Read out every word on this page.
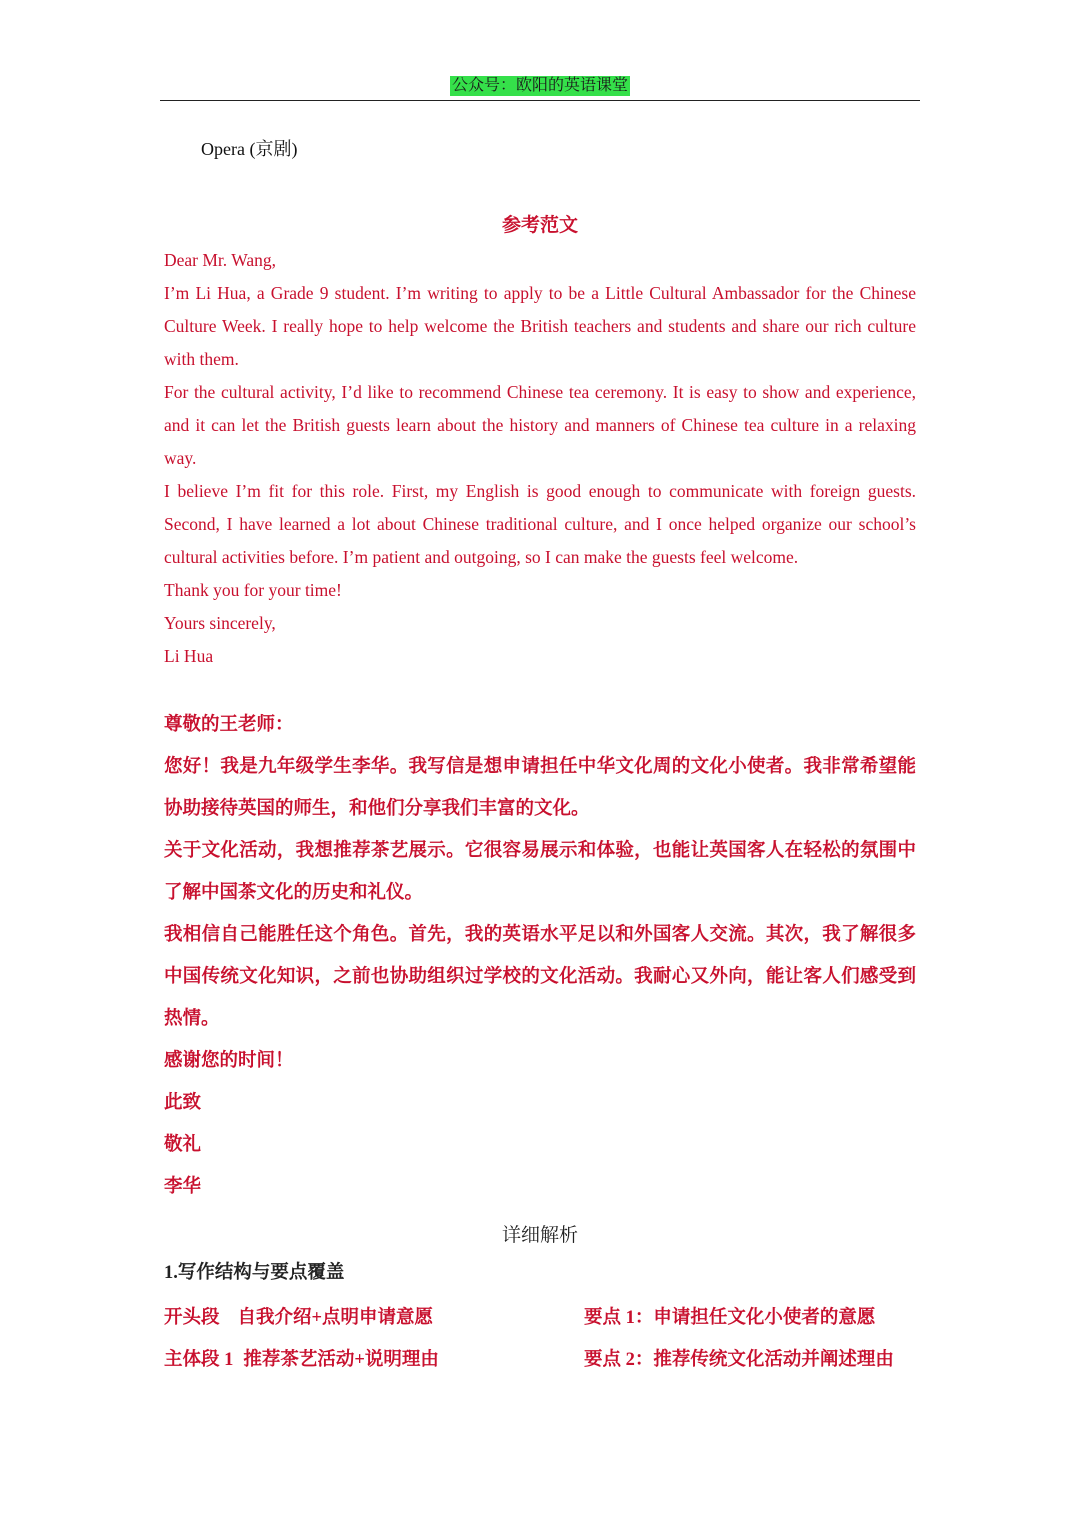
公众号：欧阳的英语课堂
Opera (京剧)
参考范文

Dear Mr. Wang,

I’m Li Hua, a Grade 9 student. I’m writing to apply to be a Little Cultural Ambassador for the Chinese Culture Week. I really hope to help welcome the British teachers and students and share our rich culture with them.

For the cultural activity, I’d like to recommend Chinese tea ceremony. It is easy to show and experience, and it can let the British guests learn about the history and manners of Chinese tea culture in a relaxing way.

I believe I’m fit for this role. First, my English is good enough to communicate with foreign guests. Second, I have learned a lot about Chinese traditional culture, and I once helped organize our school’s cultural activities before. I’m patient and outgoing, so I can make the guests feel welcome.

Thank you for your time!

Yours sincerely,

Li Hua

尊敬的王老师：

您好！我是九年级学生李华。我写信是想申请担任中华文化周的文化小使者。我非常希望能协助接待英国的师生，和他们分享我们丰富的文化。

关于文化活动，我想推荐茶艺展示。它很容易展示和体验，也能让英国客人在轻松的氛围中了解中国茶文化的历史和礼仪。

我相信自己能胜任这个角色。首先，我的英语水平足以和外国客人交流。其次，我了解很多中国传统文化知识，之前也协助组织过学校的文化活动。我耐心又外向，能让客人们感受到热情。

感谢您的时间！

此致

敬礼

李华

详细解析
1.写作结构与要点覆盖
开头段 自我介绍+点明申请意愿	要点 1：申请担任文化小使者的意愿
主体段 1 推荐茶艺活动+说明理由	要点 2：推荐传统文化活动并阐述理由
